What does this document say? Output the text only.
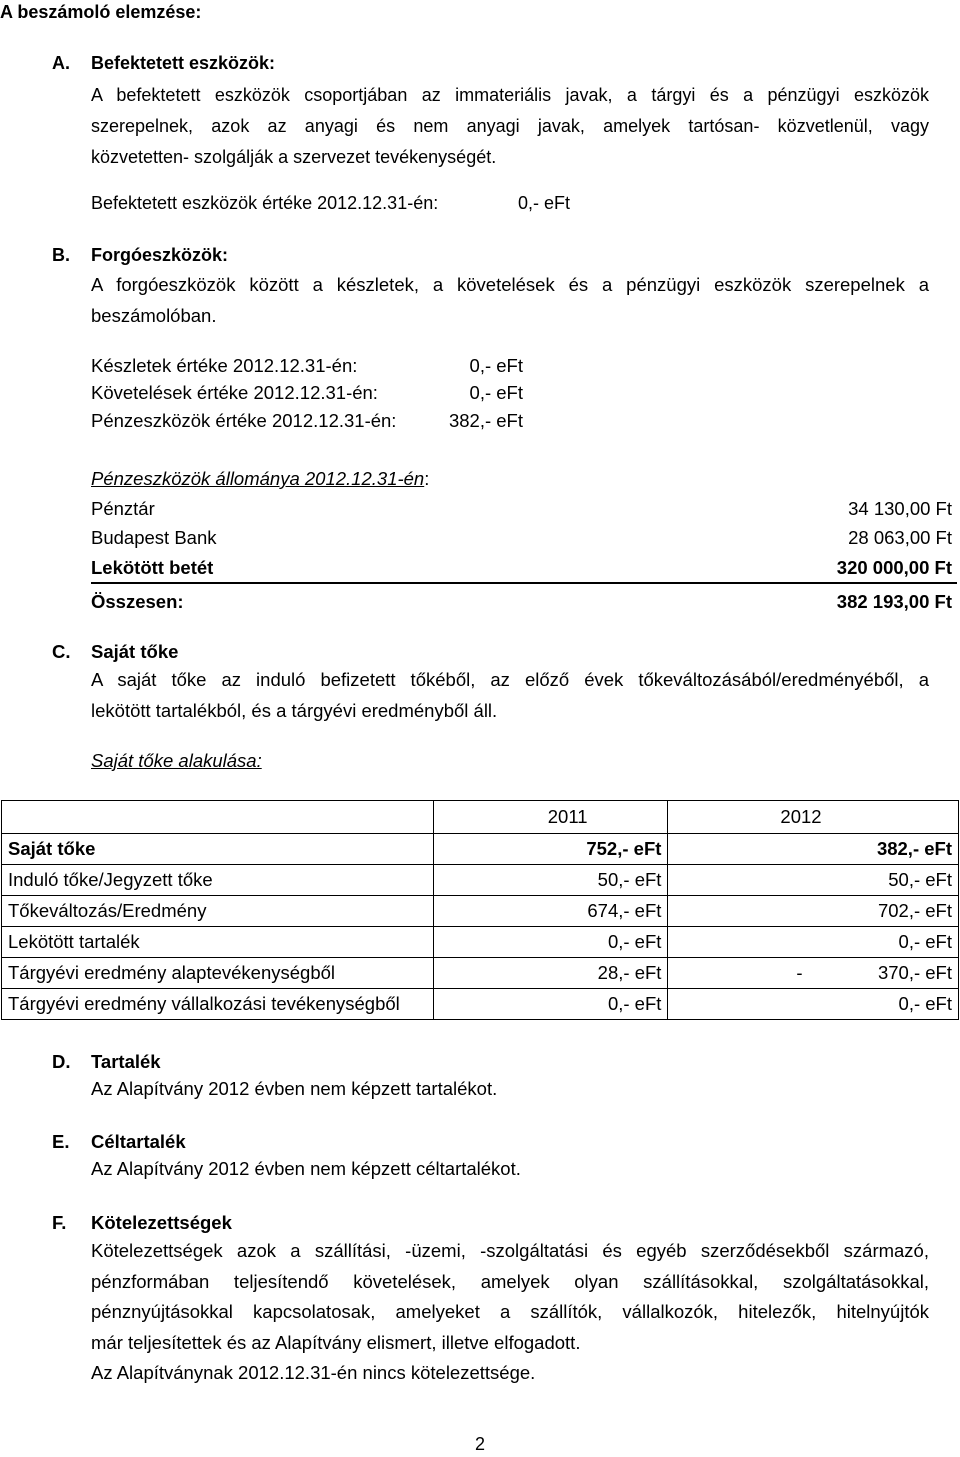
A beszámoló elemzése:
A. Befektetett eszközök:
A befektetett eszközök csoportjában az immateriális javak, a tárgyi és a pénzügyi eszközök
szerepelnek, azok az anyagi és nem anyagi javak, amelyek tartósan- közvetlenül, vagy
közvetetten- szolgálják a szervezet tevékenységét.
Befektetett eszközök értéke 2012.12.31-én:	0,- eFt
B. Forgóeszközök:
A forgóeszközök között a készletek, a követelések és a pénzügyi eszközök szerepelnek a
beszámolóban.
Készletek értéke 2012.12.31-én:	0,- eFt
Követelések értéke 2012.12.31-én:	0,- eFt
Pénzeszközök értéke 2012.12.31-én:	382,- eFt
Pénzeszközök állománya 2012.12.31-én:
Pénztár	34 130,00 Ft
Budapest Bank	28 063,00 Ft
Lekötött betét	320 000,00 Ft
Összesen:	382 193,00 Ft
C. Saját tőke
A saját tőke az induló befizetett tőkéből, az előző évek tőkeváltozásából/eredményéből, a
lekötött tartalékból, és a tárgyévi eredményből áll.
Saját tőke alakulása:
	2011	2012
Saját tőke	752,- eFt	382,- eFt
Induló tőke/Jegyzett tőke	50,- eFt	50,- eFt
Tőkeváltozás/Eredmény	674,- eFt	702,- eFt
Lekötött tartalék	0,- eFt	0,- eFt
Tárgyévi eredmény alaptevékenységből	28,- eFt	- 370,- eFt
Tárgyévi eredmény vállalkozási tevékenységből	0,- eFt	0,- eFt
D. Tartalék
Az Alapítvány 2012 évben nem képzett tartalékot.
E. Céltartalék
Az Alapítvány 2012 évben nem képzett céltartalékot.
F. Kötelezettségek
Kötelezettségek azok a szállítási, -üzemi, -szolgáltatási és egyéb szerződésekből származó,
pénzformában teljesítendő követelések, amelyek olyan szállításokkal, szolgáltatásokkal,
pénznyújtásokkal kapcsolatosak, amelyeket a szállítók, vállalkozók, hitelezők, hitelnyújtók
már teljesítettek és az Alapítvány elismert, illetve elfogadott.
Az Alapítványnak 2012.12.31-én nincs kötelezettsége.
2
